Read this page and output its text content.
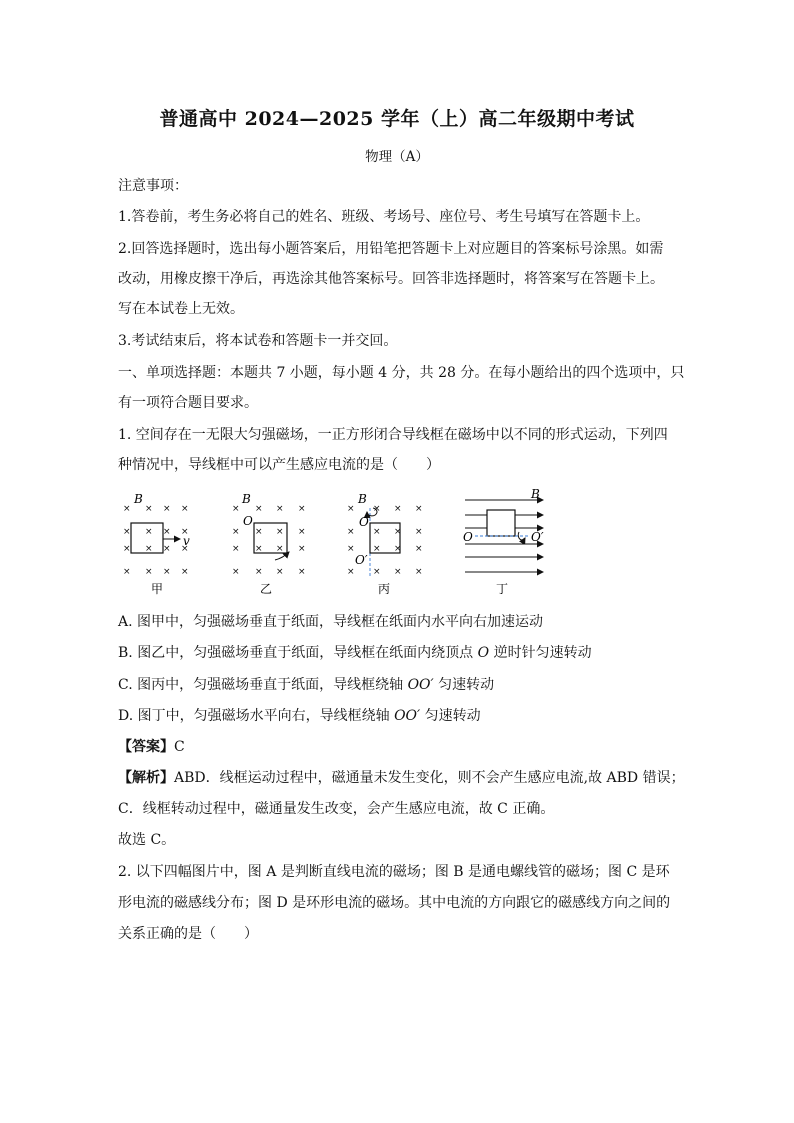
普通高中 2024—2025 学年（上）高二年级期中考试
物理（A）
注意事项：
1.答卷前，考生务必将自己的姓名、班级、考场号、座位号、考生号填写在答题卡上。
2.回答选择题时，选出每小题答案后，用铅笔把答题卡上对应题目的答案标号涂黑。如需
改动，用橡皮擦干净后，再选涂其他答案标号。回答非选择题时，将答案写在答题卡上。
写在本试卷上无效。
3.考试结束后，将本试卷和答题卡一并交回。
一、单项选择题：本题共 7 小题，每小题 4 分，共 28 分。在每小题给出的四个选项中，只
有一项符合题目要求。
1. 空间存在一无限大匀强磁场，一正方形闭合导线框在磁场中以不同的形式运动，下列四
种情况中，导线框中可以产生感应电流的是（　　）
× × × ×
× × × ×
× × × ×
× × × ×
B
v
甲
× × × ×
× × × ×
× × × ×
× × × ×
B
O
乙
× × × ×
× × × ×
× × × ×
× × × ×
B
O
O′
丙
B
O	O′
丁
A. 图甲中，匀强磁场垂直于纸面，导线框在纸面内水平向右加速运动
B. 图乙中，匀强磁场垂直于纸面，导线框在纸面内绕顶点 O 逆时针匀速转动
C. 图丙中，匀强磁场垂直于纸面，导线框绕轴 OO′ 匀速转动
D. 图丁中，匀强磁场水平向右，导线框绕轴 OO′ 匀速转动
【答案】C
【解析】ABD．线框运动过程中，磁通量未发生变化，则不会产生感应电流,故 ABD 错误；
C．线框转动过程中，磁通量发生改变，会产生感应电流，故 C 正确。
故选 C。
2. 以下四幅图片中，图 A 是判断直线电流的磁场；图 B 是通电螺线管的磁场；图 C 是环
形电流的磁感线分布；图 D 是环形电流的磁场。其中电流的方向跟它的磁感线方向之间的
关系正确的是（　　）
